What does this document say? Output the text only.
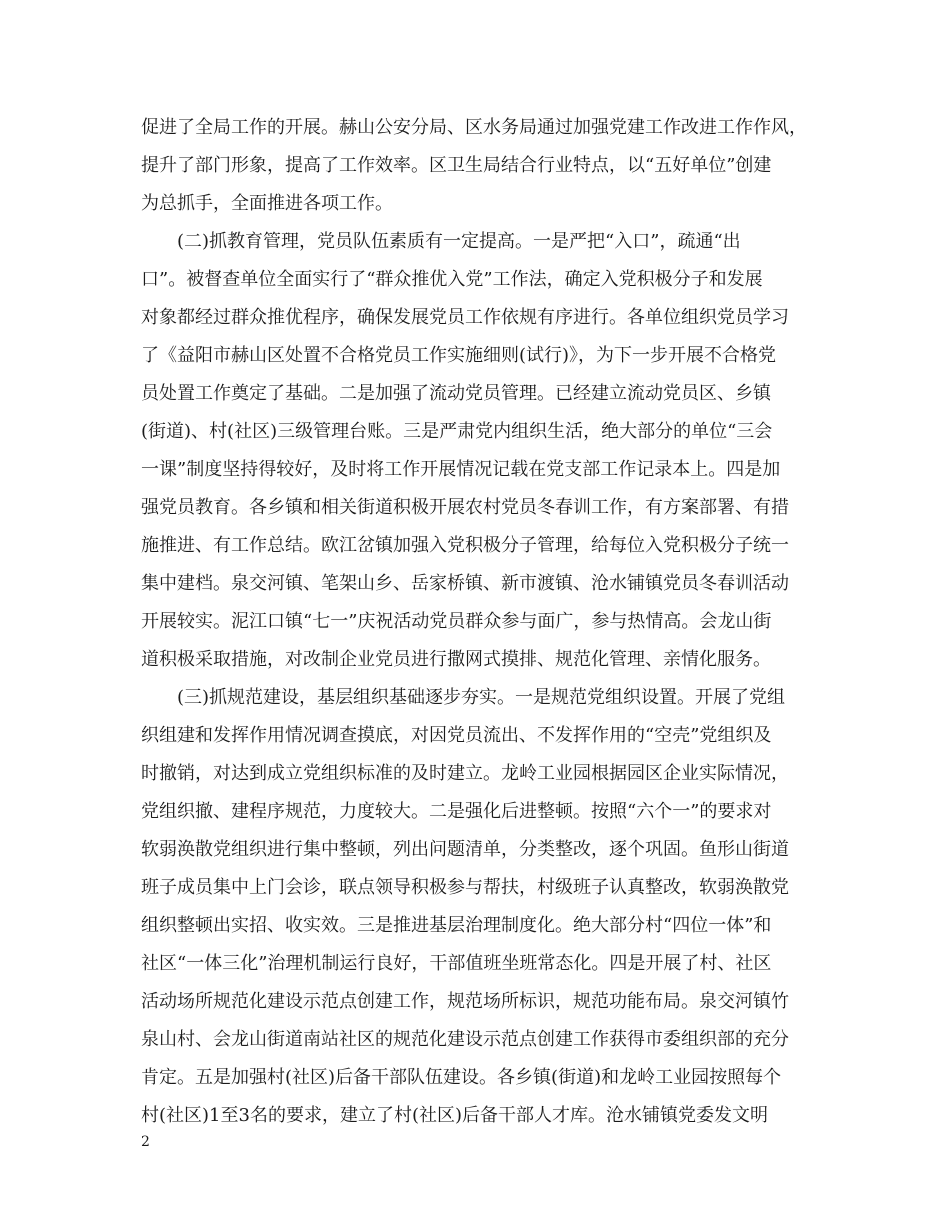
促进了全局工作的开展。赫山公安分局、区水务局通过加强党建工作改进工作作风，
提升了部门形象，提高了工作效率。区卫生局结合行业特点，以“五好单位”创建
为总抓手，全面推进各项工作。
(二)抓教育管理，党员队伍素质有一定提高。一是严把“入口”，疏通“出
口”。被督查单位全面实行了“群众推优入党”工作法，确定入党积极分子和发展
对象都经过群众推优程序，确保发展党员工作依规有序进行。各单位组织党员学习
了《益阳市赫山区处置不合格党员工作实施细则(试行)》，为下一步开展不合格党
员处置工作奠定了基础。二是加强了流动党员管理。已经建立流动党员区、乡镇
(街道)、村(社区)三级管理台账。三是严肃党内组织生活，绝大部分的单位“三会
一课”制度坚持得较好，及时将工作开展情况记载在党支部工作记录本上。四是加
强党员教育。各乡镇和相关街道积极开展农村党员冬春训工作，有方案部署、有措
施推进、有工作总结。欧江岔镇加强入党积极分子管理，给每位入党积极分子统一
集中建档。泉交河镇、笔架山乡、岳家桥镇、新市渡镇、沧水铺镇党员冬春训活动
开展较实。泥江口镇“七一”庆祝活动党员群众参与面广，参与热情高。会龙山街
道积极采取措施，对改制企业党员进行撒网式摸排、规范化管理、亲情化服务。
(三)抓规范建设，基层组织基础逐步夯实。一是规范党组织设置。开展了党组
织组建和发挥作用情况调查摸底，对因党员流出、不发挥作用的“空壳”党组织及
时撤销，对达到成立党组织标准的及时建立。龙岭工业园根据园区企业实际情况，
党组织撤、建程序规范，力度较大。二是强化后进整顿。按照“六个一”的要求对
软弱涣散党组织进行集中整顿，列出问题清单，分类整改，逐个巩固。鱼形山街道
班子成员集中上门会诊，联点领导积极参与帮扶，村级班子认真整改，软弱涣散党
组织整顿出实招、收实效。三是推进基层治理制度化。绝大部分村“四位一体”和
社区“一体三化”治理机制运行良好，干部值班坐班常态化。四是开展了村、社区
活动场所规范化建设示范点创建工作，规范场所标识，规范功能布局。泉交河镇竹
泉山村、会龙山街道南站社区的规范化建设示范点创建工作获得市委组织部的充分
肯定。五是加强村(社区)后备干部队伍建设。各乡镇(街道)和龙岭工业园按照每个
村(社区)1至3名的要求，建立了村(社区)后备干部人才库。沧水铺镇党委发文明
2
